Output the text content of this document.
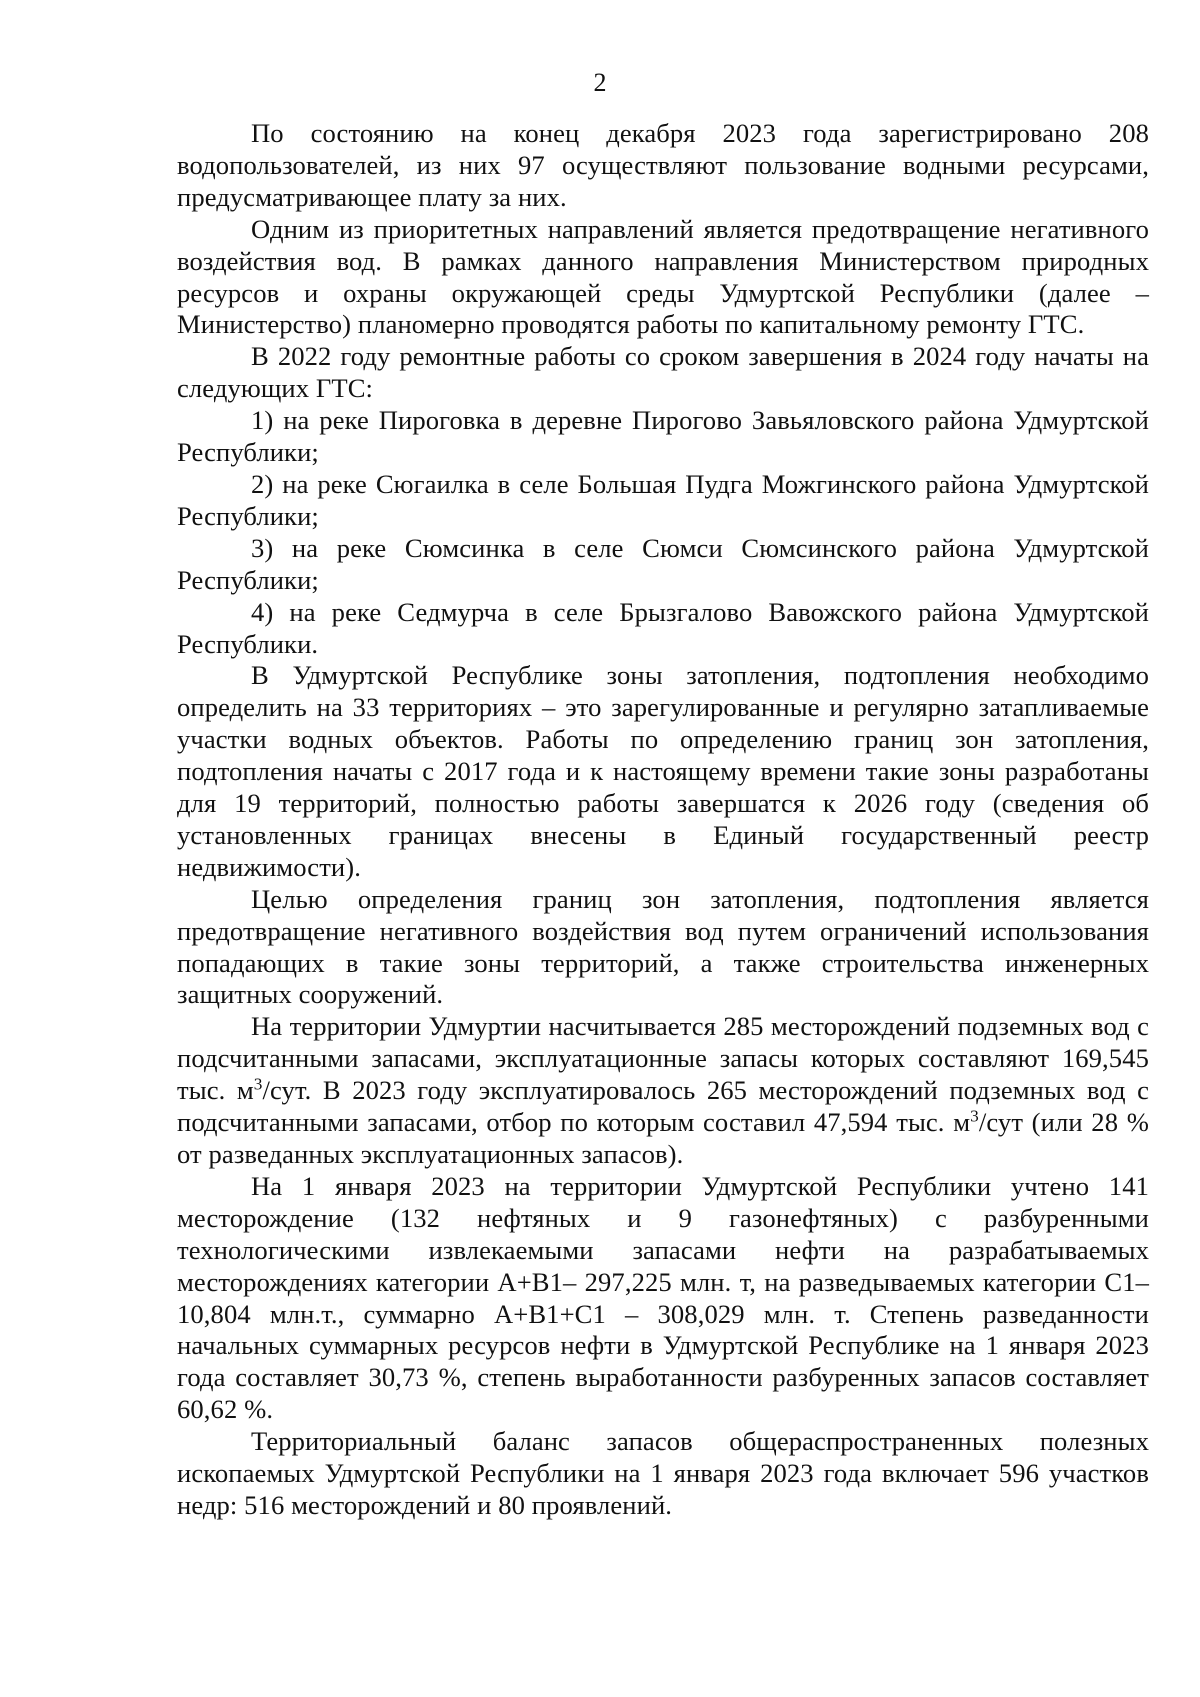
2

По состоянию на конец декабря 2023 года зарегистрировано 208 водопользователей, из них 97 осуществляют пользование водными ресурсами, предусматривающее плату за них.

Одним из приоритетных направлений является предотвращение негативного воздействия вод. В рамках данного направления Министерством природных ресурсов и охраны окружающей среды Удмуртской Республики (далее – Министерство) планомерно проводятся работы по капитальному ремонту ГТС.

В 2022 году ремонтные работы со сроком завершения в 2024 году начаты на следующих ГТС:

1) на реке Пироговка в деревне Пирогово Завьяловского района Удмуртской Республики;

2) на реке Сюгаилка в селе Большая Пудга Можгинского района Удмуртской Республики;

3) на реке Сюмсинка в селе Сюмси Сюмсинского района Удмуртской Республики;

4) на реке Седмурча в селе Брызгалово Вавожского района Удмуртской Республики.

В Удмуртской Республике зоны затопления, подтопления необходимо определить на 33 территориях – это зарегулированные и регулярно затапливаемые участки водных объектов. Работы по определению границ зон затопления, подтопления начаты с 2017 года и к настоящему времени такие зоны разработаны для 19 территорий, полностью работы завершатся к 2026 году (сведения об установленных границах внесены в Единый государственный реестр недвижимости).

Целью определения границ зон затопления, подтопления является предотвращение негативного воздействия вод путем ограничений использования попадающих в такие зоны территорий, а также строительства инженерных защитных сооружений.

На территории Удмуртии насчитывается 285 месторождений подземных вод с подсчитанными запасами, эксплуатационные запасы которых составляют 169,545 тыс. $м^3$/сут. В 2023 году эксплуатировалось 265 месторождений подземных вод с подсчитанными запасами, отбор по которым составил 47,594 тыс. $м^3$/сут (или 28 % от разведанных эксплуатационных запасов).

На 1 января 2023 на территории Удмуртской Республики учтено 141 месторождение (132 нефтяных и 9 газонефтяных) с разбуренными технологическими извлекаемыми запасами нефти на разрабатываемых месторождениях категории А+В1– 297,225 млн. т, на разведываемых категории С1–10,804 млн.т., суммарно А+В1+С1 – 308,029 млн. т. Степень разведанности начальных суммарных ресурсов нефти в Удмуртской Республике на 1 января 2023 года составляет 30,73 %, степень выработанности разбуренных запасов составляет 60,62 %.

Территориальный баланс запасов общераспространенных полезных ископаемых Удмуртской Республики на 1 января 2023 года включает 596 участков недр: 516 месторождений и 80 проявлений.
